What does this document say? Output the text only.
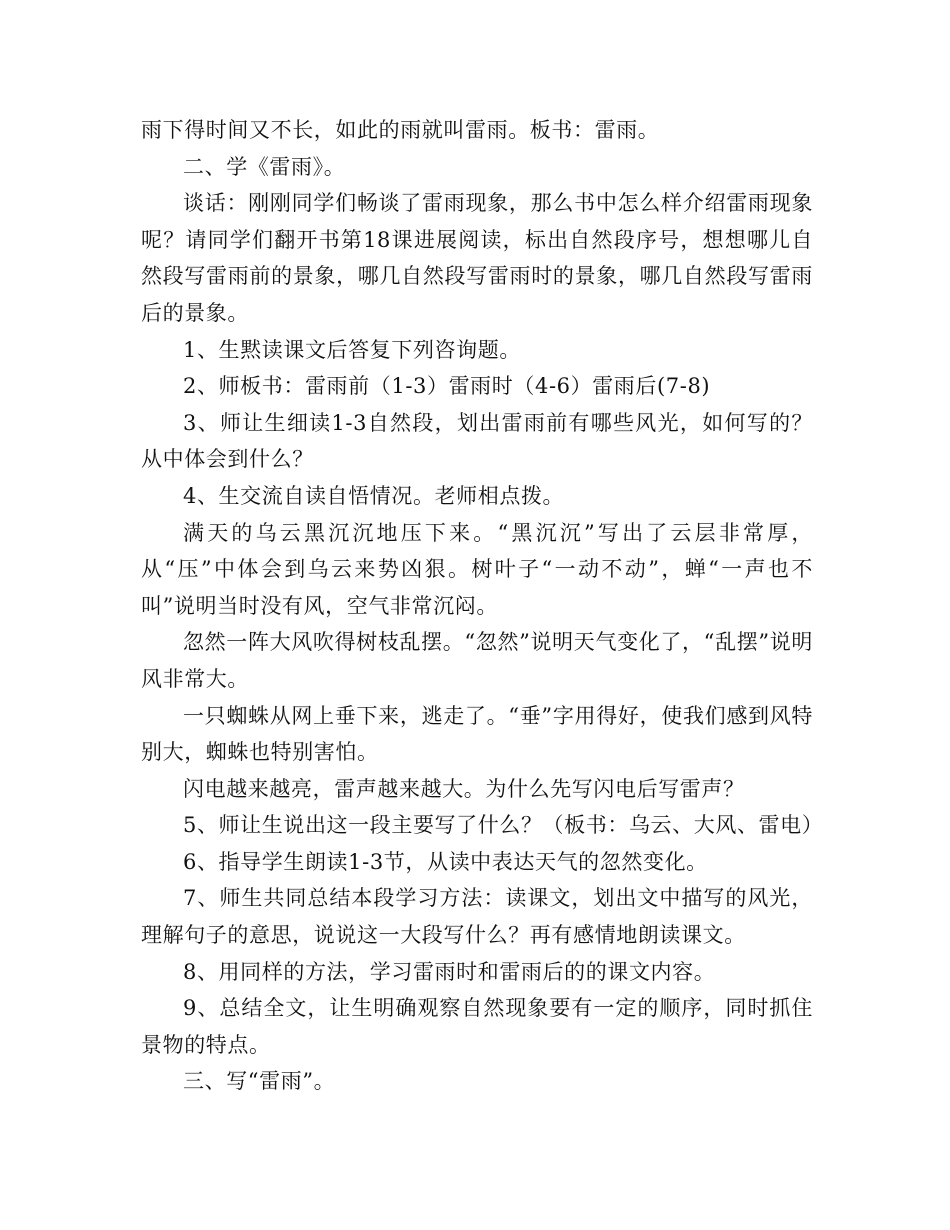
雨下得时间又不长，如此的雨就叫雷雨。板书：雷雨。

二、学《雷雨》。

谈话：刚刚同学们畅谈了雷雨现象，那么书中怎么样介绍雷雨现象呢？请同学们翻开书第18课进展阅读，标出自然段序号，想想哪儿自然段写雷雨前的景象，哪几自然段写雷雨时的景象，哪几自然段写雷雨后的景象。

1、生黙读课文后答复下列咨询题。

2、师板书：雷雨前（1-3）雷雨时（4-6）雷雨后(7-8)

3、师让生细读1-3自然段，划出雷雨前有哪些风光，如何写的？从中体会到什么？

4、生交流自读自悟情况。老师相点拨。

满天的乌云黑沉沉地压下来。“黑沉沉”写出了云层非常厚，从“压”中体会到乌云来势凶狠。树叶子“一动不动”，蝉“一声也不叫”说明当时没有风，空气非常沉闷。

忽然一阵大风吹得树枝乱摆。“忽然”说明天气变化了，“乱摆”说明风非常大。

一只蜘蛛从网上垂下来，逃走了。“垂”字用得好，使我们感到风特别大，蜘蛛也特别害怕。

闪电越来越亮，雷声越来越大。为什么先写闪电后写雷声？

5、师让生说出这一段主要写了什么？（板书：乌云、大风、雷电）

6、指导学生朗读1-3节，从读中表达天气的忽然变化。

7、师生共同总结本段学习方法：读课文，划出文中描写的风光，理解句子的意思，说说这一大段写什么？再有感情地朗读课文。

8、用同样的方法，学习雷雨时和雷雨后的的课文内容。

9、总结全文，让生明确观察自然现象要有一定的顺序，同时抓住景物的特点。

三、写“雷雨”。
